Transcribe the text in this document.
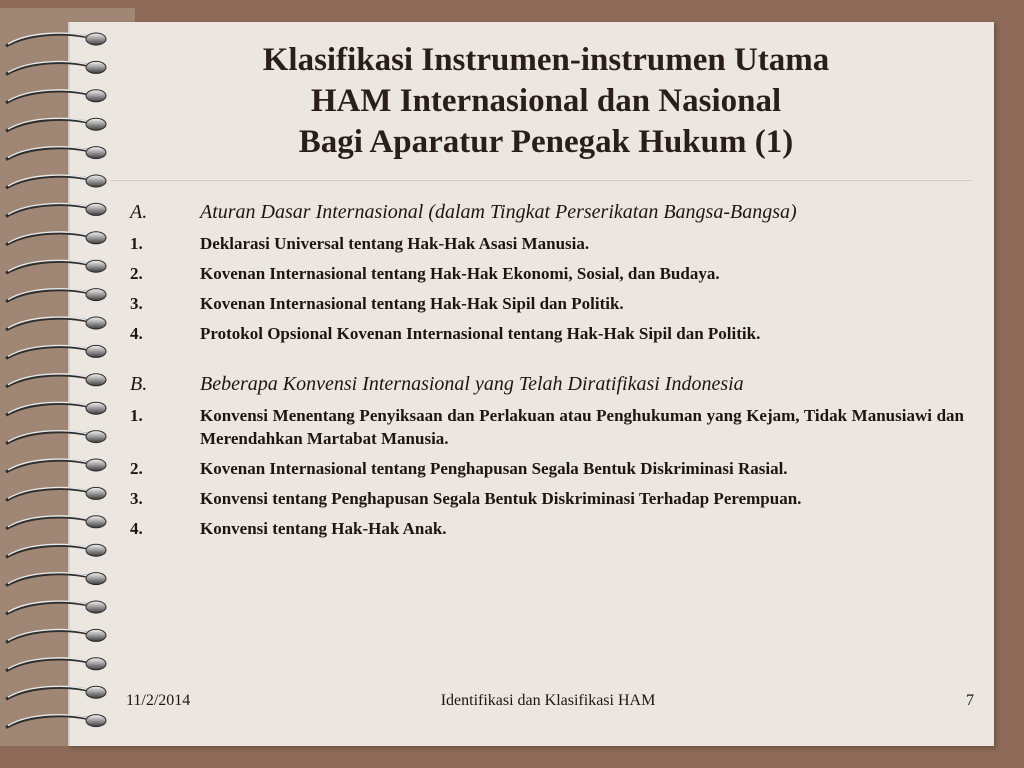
Klasifikasi Instrumen-instrumen Utama
HAM Internasional dan Nasional
Bagi Aparatur Penegak Hukum (1)
A.	Aturan Dasar Internasional (dalam Tingkat Perserikatan Bangsa-Bangsa)
1.	Deklarasi Universal tentang Hak-Hak Asasi Manusia.
2.	Kovenan Internasional tentang Hak-Hak Ekonomi, Sosial, dan Budaya.
3.	Kovenan Internasional tentang Hak-Hak Sipil dan Politik.
4.	Protokol Opsional Kovenan Internasional tentang Hak-Hak Sipil dan Politik.
B.	Beberapa Konvensi Internasional yang Telah Diratifikasi Indonesia
1.	Konvensi Menentang Penyiksaan dan Perlakuan atau Penghukuman yang Kejam, Tidak Manusiawi dan Merendahkan Martabat Manusia.
2.	Kovenan Internasional tentang Penghapusan Segala Bentuk Diskriminasi Rasial.
3.	Konvensi tentang Penghapusan Segala Bentuk Diskriminasi Terhadap Perempuan.
4.	Konvensi tentang Hak-Hak Anak.
11/2/2014	Identifikasi dan Klasifikasi HAM	7
